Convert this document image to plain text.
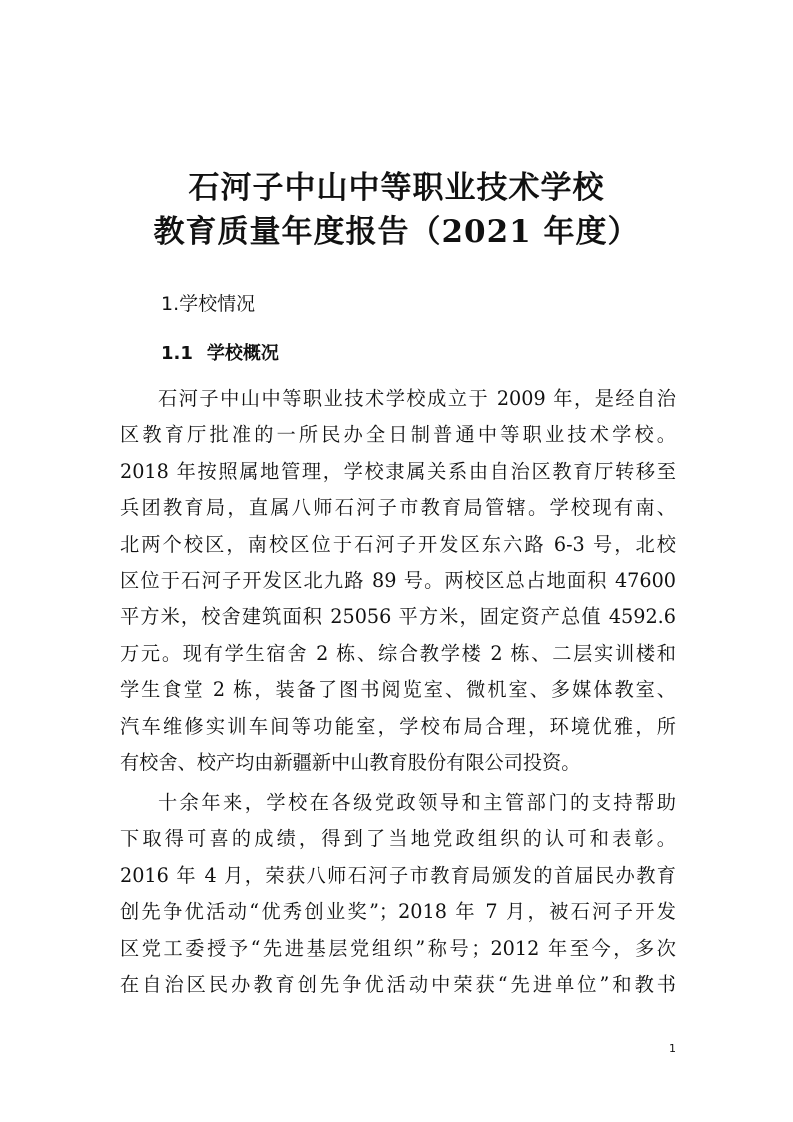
石河子中山中等职业技术学校
教育质量年度报告（2021 年度）
1.学校情况
1.1 学校概况
石河子中山中等职业技术学校成立于 2009 年，是经自治
区教育厅批准的一所民办全日制普通中等职业技术学校。
2018 年按照属地管理，学校隶属关系由自治区教育厅转移至
兵团教育局，直属八师石河子市教育局管辖。学校现有南、
北两个校区，南校区位于石河子开发区东六路 6-3 号，北校
区位于石河子开发区北九路 89 号。两校区总占地面积 47600
平方米，校舍建筑面积 25056 平方米，固定资产总值 4592.6
万元。现有学生宿舍 2 栋、综合教学楼 2 栋、二层实训楼和
学生食堂 2 栋，装备了图书阅览室、微机室、多媒体教室、
汽车维修实训车间等功能室，学校布局合理，环境优雅，所
有校舍、校产均由新疆新中山教育股份有限公司投资。
十余年来，学校在各级党政领导和主管部门的支持帮助
下取得可喜的成绩，得到了当地党政组织的认可和表彰。
2016 年 4 月，荣获八师石河子市教育局颁发的首届民办教育
创先争优活动“优秀创业奖”；2018 年 7 月，被石河子开发
区党工委授予“先进基层党组织”称号；2012 年至今，多次
在自治区民办教育创先争优活动中荣获“先进单位”和教书
1
